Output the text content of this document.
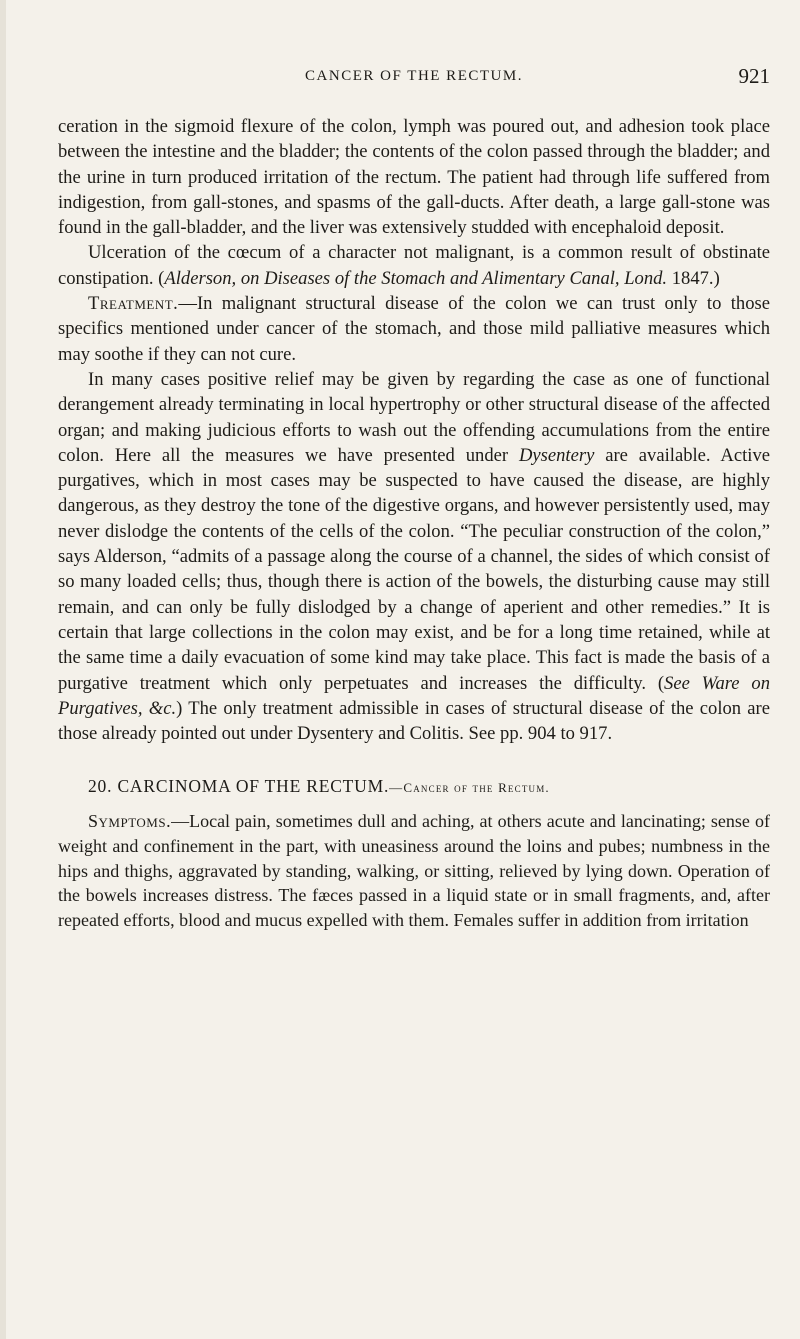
CANCER OF THE RECTUM.	921

ceration in the sigmoid flexure of the colon, lymph was poured out, and adhesion took place between the intestine and the bladder; the contents of the colon passed through the bladder; and the urine in turn produced irritation of the rectum. The patient had through life suffered from indigestion, from gall-stones, and spasms of the gall-ducts. After death, a large gall-stone was found in the gall-bladder, and the liver was extensively studded with encephaloid deposit.

Ulceration of the cœcum of a character not malignant, is a common result of obstinate constipation. (Alderson, on Diseases of the Stomach and Alimentary Canal, Lond. 1847.)

Treatment.—In malignant structural disease of the colon we can trust only to those specifics mentioned under cancer of the stomach, and those mild palliative measures which may soothe if they can not cure.

In many cases positive relief may be given by regarding the case as one of functional derangement already terminating in local hypertrophy or other structural disease of the affected organ; and making judicious efforts to wash out the offending accumulations from the entire colon. Here all the measures we have presented under Dysentery are available. Active purgatives, which in most cases may be suspected to have caused the disease, are highly dangerous, as they destroy the tone of the digestive organs, and however persistently used, may never dislodge the contents of the cells of the colon. “The peculiar construction of the colon,” says Alderson, “admits of a passage along the course of a channel, the sides of which consist of so many loaded cells; thus, though there is action of the bowels, the disturbing cause may still remain, and can only be fully dislodged by a change of aperient and other remedies.” It is certain that large collections in the colon may exist, and be for a long time retained, while at the same time a daily evacuation of some kind may take place. This fact is made the basis of a purgative treatment which only perpetuates and increases the difficulty. (See Ware on Purgatives, &c.) The only treatment admissible in cases of structural disease of the colon are those already pointed out under Dysentery and Colitis. See pp. 904 to 917.

20. CARCINOMA OF THE RECTUM.—Cancer of the Rectum.

Symptoms.—Local pain, sometimes dull and aching, at others acute and lancinating; sense of weight and confinement in the part, with uneasiness around the loins and pubes; numbness in the hips and thighs, aggravated by standing, walking, or sitting, relieved by lying down. Operation of the bowels increases distress. The fæces passed in a liquid state or in small fragments, and, after repeated efforts, blood and mucus expelled with them. Females suffer in addition from irritation
